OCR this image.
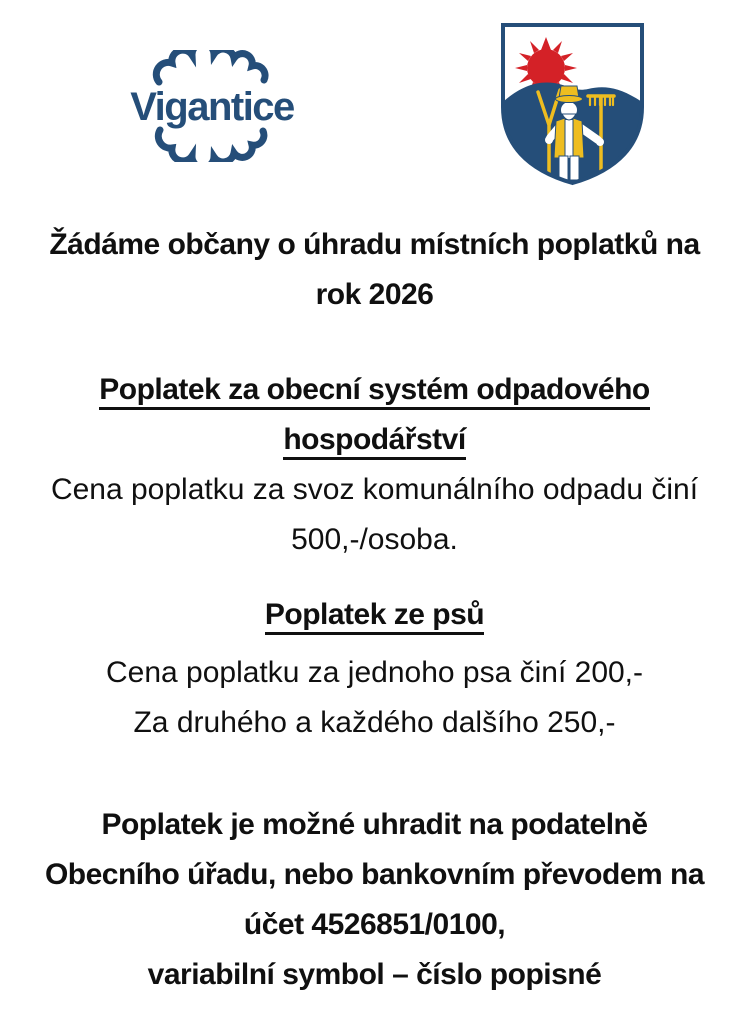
Vigantice
Žádáme občany o úhradu místních poplatků na
rok 2026
Poplatek za obecní systém odpadového
hospodářství
Cena poplatku za svoz komunálního odpadu činí
500,-/osoba.
Poplatek ze psů
Cena poplatku za jednoho psa činí 200,-
Za druhého a každého dalšího 250,-
Poplatek je možné uhradit na podatelně
Obecního úřadu, nebo bankovním převodem na
účet 4526851/0100,
variabilní symbol – číslo popisné
